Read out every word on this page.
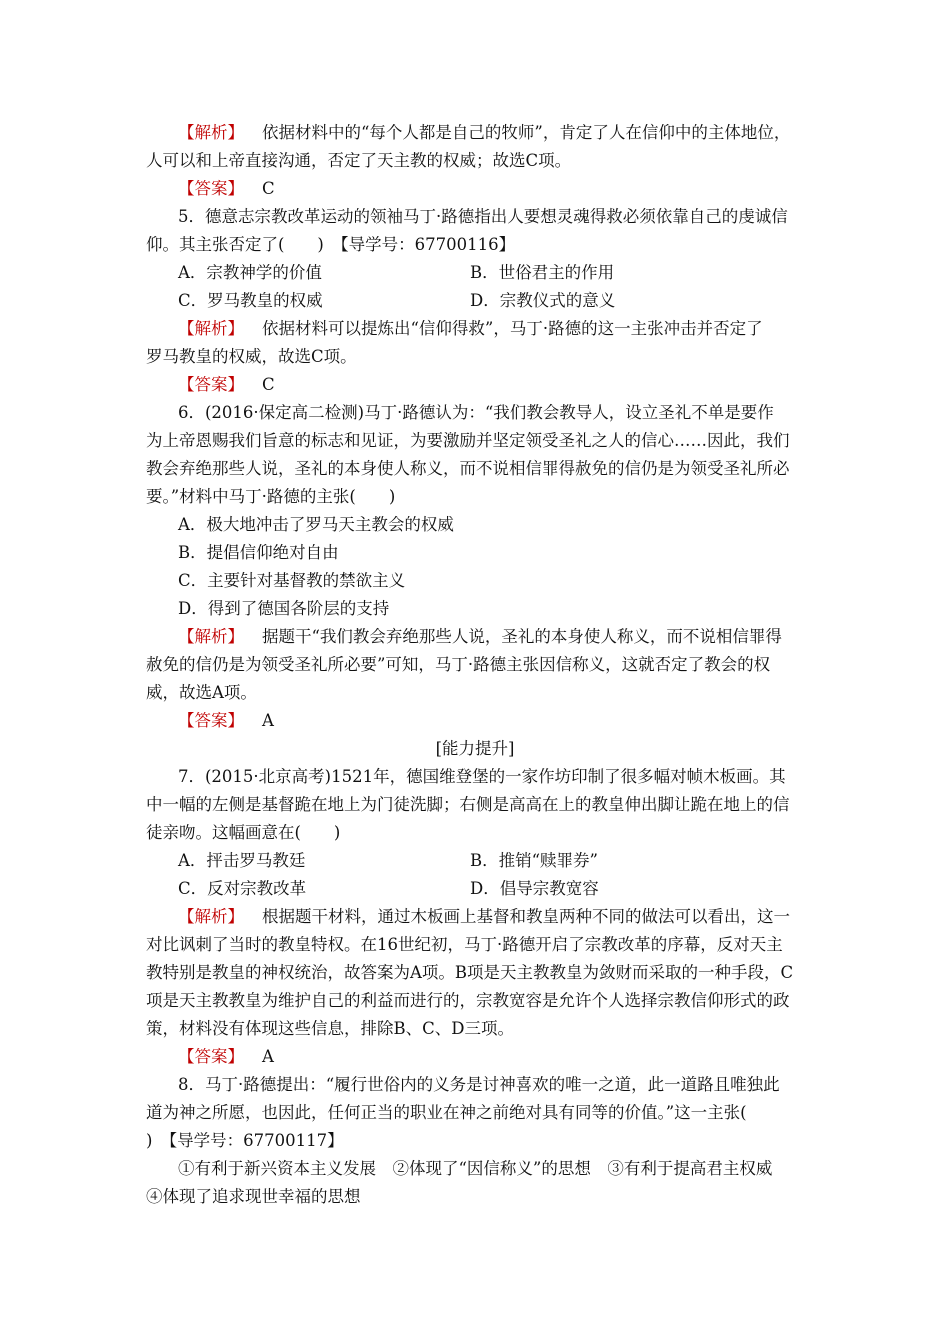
【解析】 依据材料中的“每个人都是自己的牧师”，肯定了人在信仰中的主体地位，
人可以和上帝直接沟通，否定了天主教的权威；故选C项。
【答案】 C
5．德意志宗教改革运动的领袖马丁·路德指出人要想灵魂得救必须依靠自己的虔诚信
仰。其主张否定了(　　)　【导学号：67700116】
A．宗教神学的价值	B．世俗君主的作用
C．罗马教皇的权威	D．宗教仪式的意义
【解析】 依据材料可以提炼出“信仰得救”，马丁·路德的这一主张冲击并否定了
罗马教皇的权威，故选C项。
【答案】 C
6．(2016·保定高二检测)马丁·路德认为：“我们教会教导人，设立圣礼不单是要作
为上帝恩赐我们旨意的标志和见证，为要激励并坚定领受圣礼之人的信心……因此，我们
教会弃绝那些人说，圣礼的本身使人称义，而不说相信罪得赦免的信仍是为领受圣礼所必
要。”材料中马丁·路德的主张(　　)
A．极大地冲击了罗马天主教会的权威
B．提倡信仰绝对自由
C．主要针对基督教的禁欲主义
D．得到了德国各阶层的支持
【解析】 据题干“我们教会弃绝那些人说，圣礼的本身使人称义，而不说相信罪得
赦免的信仍是为领受圣礼所必要”可知，马丁·路德主张因信称义，这就否定了教会的权
威，故选A项。
【答案】 A
[能力提升]
7．(2015·北京高考)1521年，德国维登堡的一家作坊印制了很多幅对帧木板画。其
中一幅的左侧是基督跪在地上为门徒洗脚；右侧是高高在上的教皇伸出脚让跪在地上的信
徒亲吻。这幅画意在(　　)
A．抨击罗马教廷	B．推销“赎罪券”
C．反对宗教改革	D．倡导宗教宽容
【解析】 根据题干材料，通过木板画上基督和教皇两种不同的做法可以看出，这一
对比讽刺了当时的教皇特权。在16世纪初，马丁·路德开启了宗教改革的序幕，反对天主
教特别是教皇的神权统治，故答案为A项。B项是天主教教皇为敛财而采取的一种手段，C
项是天主教教皇为维护自己的利益而进行的，宗教宽容是允许个人选择宗教信仰形式的政
策，材料没有体现这些信息，排除B、C、D三项。
【答案】 A
8．马丁·路德提出：“履行世俗内的义务是讨神喜欢的唯一之道，此一道路且唯独此
道为神之所愿，也因此，任何正当的职业在神之前绝对具有同等的价值。”这一主张(
)　【导学号：67700117】
①有利于新兴资本主义发展　②体现了“因信称义”的思想　③有利于提高君主权威
④体现了追求现世幸福的思想
